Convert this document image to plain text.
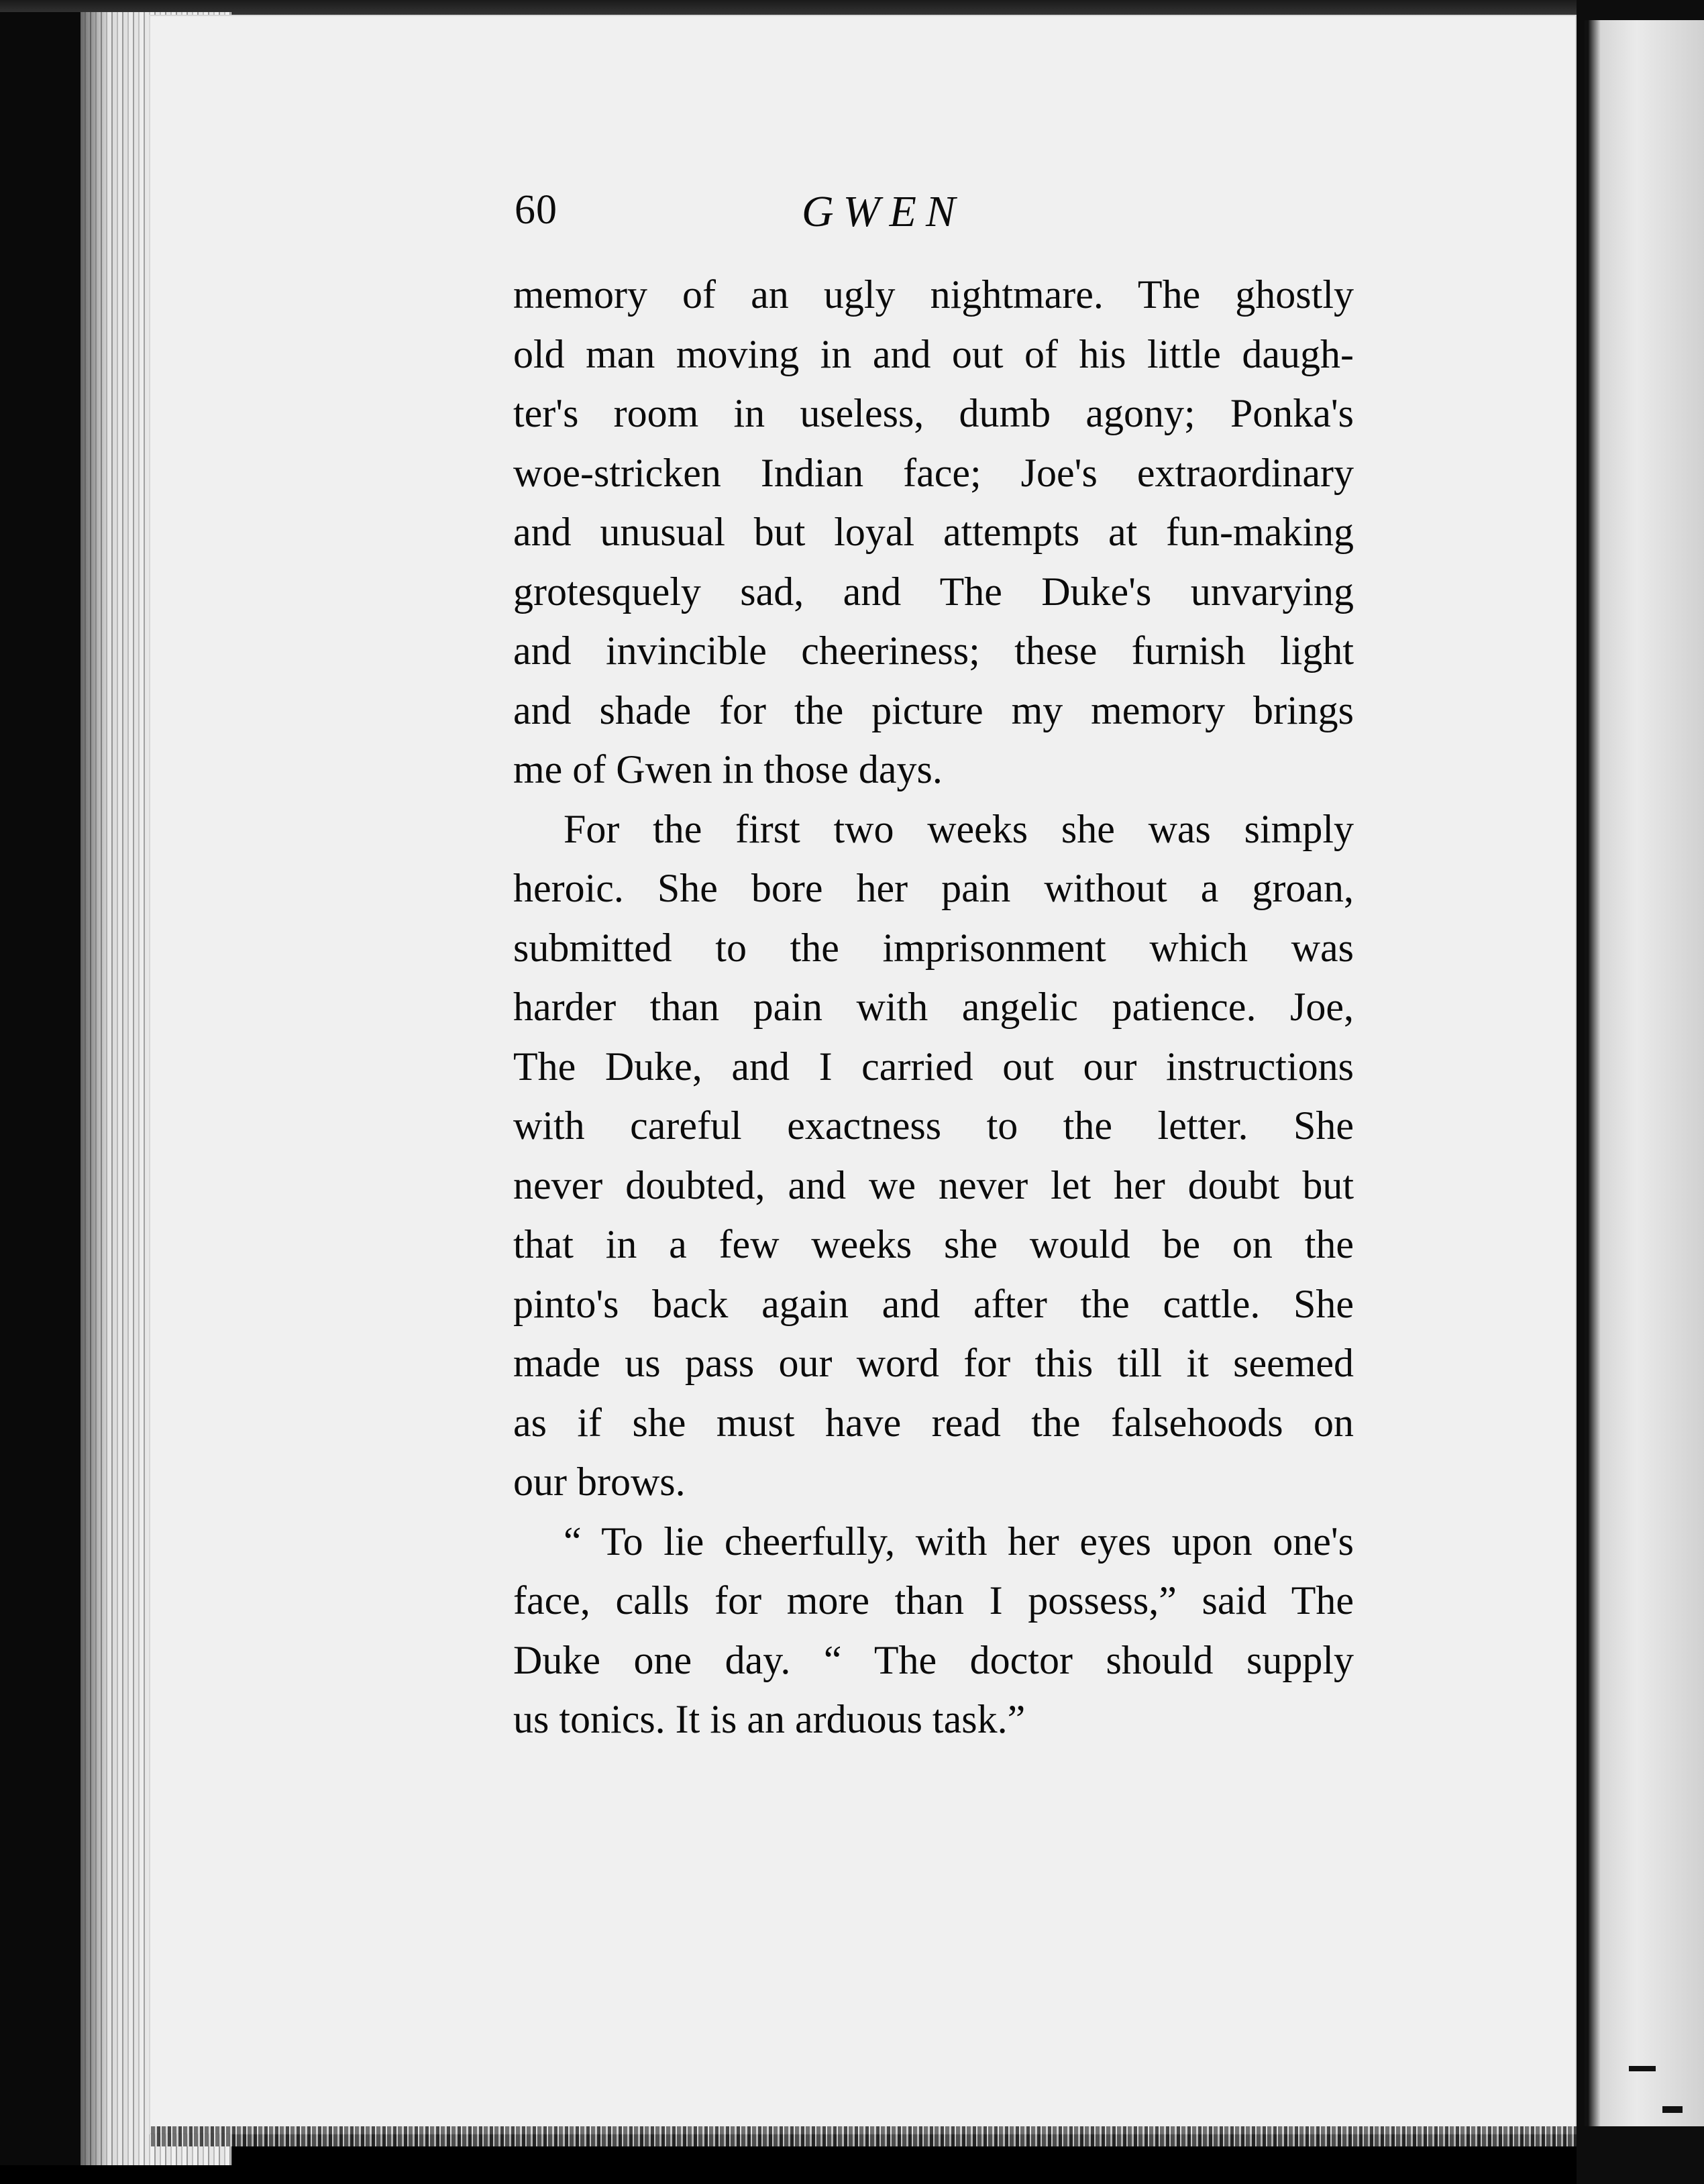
60	GWEN
memory of an ugly nightmare. The ghostly
old man moving in and out of his little daugh-
ter's room in useless, dumb agony; Ponka's
woe-stricken Indian face; Joe's extraordinary
and unusual but loyal attempts at fun-making
grotesquely sad, and The Duke's unvarying
and invincible cheeriness; these furnish light
and shade for the picture my memory brings
me of Gwen in those days.
For the first two weeks she was simply
heroic. She bore her pain without a groan,
submitted to the imprisonment which was
harder than pain with angelic patience. Joe,
The Duke, and I carried out our instructions
with careful exactness to the letter. She
never doubted, and we never let her doubt but
that in a few weeks she would be on the
pinto's back again and after the cattle. She
made us pass our word for this till it seemed
as if she must have read the falsehoods on
our brows.
“ To lie cheerfully, with her eyes upon one's
face, calls for more than I possess,” said The
Duke one day. “ The doctor should supply
us tonics. It is an arduous task.”
